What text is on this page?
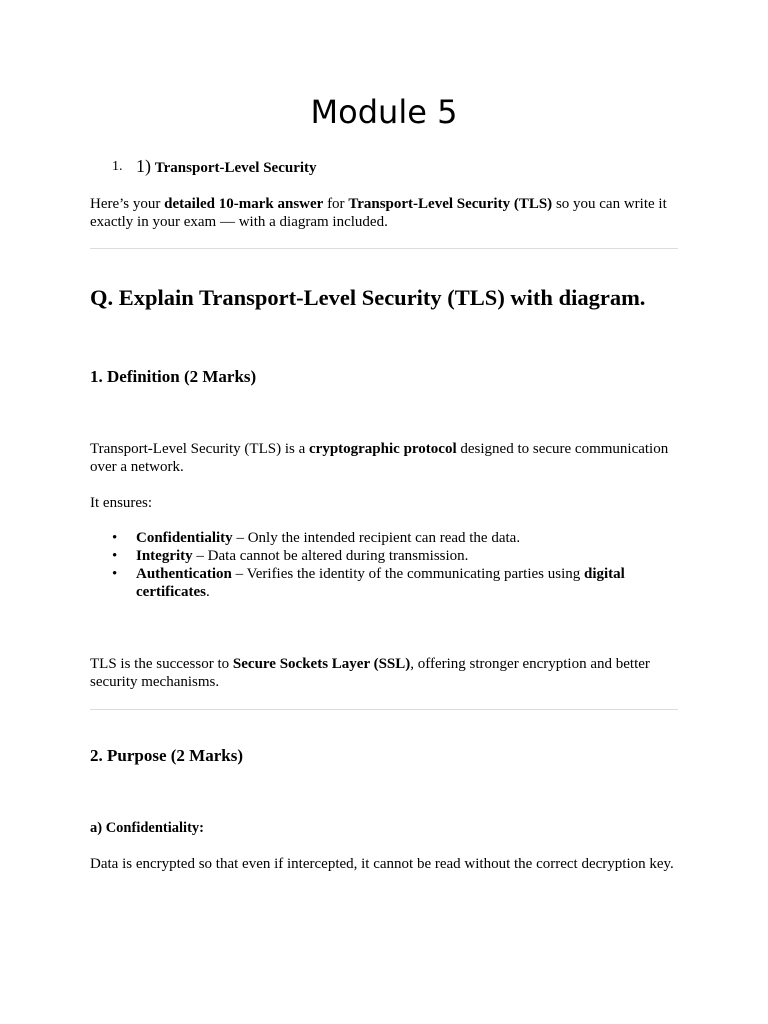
Module 5
1. 1) Transport-Level Security

Here’s your detailed 10-mark answer for Transport-Level Security (TLS) so you can write it exactly in your exam — with a diagram included.

Q. Explain Transport-Level Security (TLS) with diagram.
1. Definition (2 Marks)

Transport-Level Security (TLS) is a cryptographic protocol designed to secure communication over a network.

It ensures:

• Confidentiality – Only the intended recipient can read the data.
• Integrity – Data cannot be altered during transmission.
• Authentication – Verifies the identity of the communicating parties using digital certificates.

TLS is the successor to Secure Sockets Layer (SSL), offering stronger encryption and better security mechanisms.

2. Purpose (2 Marks)
a) Confidentiality:

Data is encrypted so that even if intercepted, it cannot be read without the correct decryption key.
